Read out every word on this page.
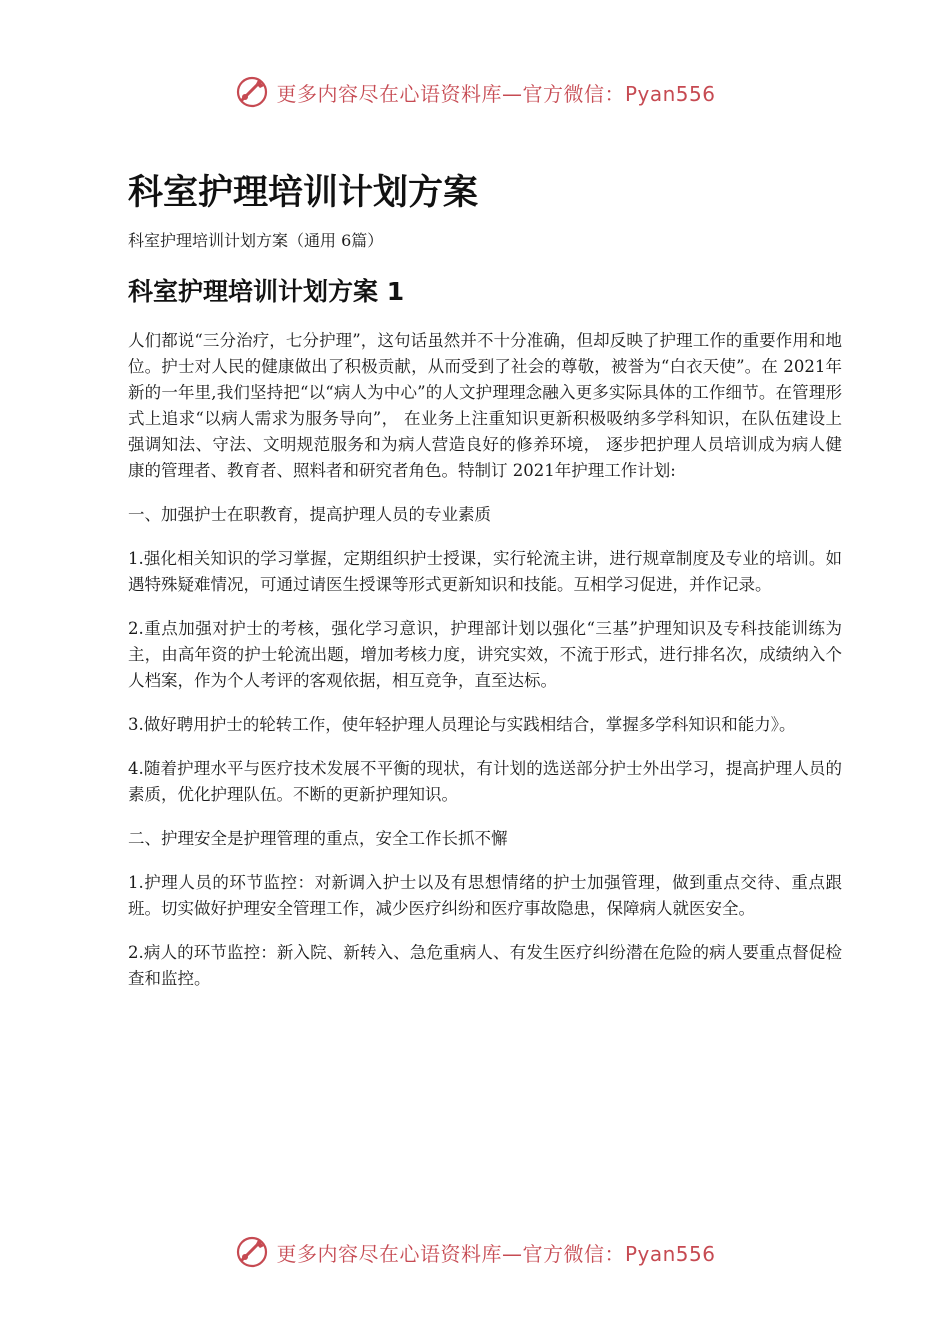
更多内容尽在心语资料库—官方微信：Pyan556
科室护理培训计划方案

科室护理培训计划方案（通用 6篇）

科室护理培训计划方案 1

人们都说“三分治疗，七分护理”，这句话虽然并不十分准确，但却反映了护理工作的重要作用和地位。护士对人民的健康做出了积极贡献，从而受到了社会的尊敬，被誉为“白衣天使”。在 2021年新的一年里,我们坚持把“以“病人为中心”的人文护理理念融入更多实际具体的工作细节。在管理形式上追求“以病人需求为服务导向”， 在业务上注重知识更新积极吸纳多学科知识，在队伍建设上强调知法、守法、文明规范服务和为病人营造良好的修养环境， 逐步把护理人员培训成为病人健康的管理者、教育者、照料者和研究者角色。特制订 2021年护理工作计划:

一、加强护士在职教育，提高护理人员的专业素质

1.强化相关知识的学习掌握，定期组织护士授课，实行轮流主讲，进行规章制度及专业的培训。如遇特殊疑难情况，可通过请医生授课等形式更新知识和技能。互相学习促进，并作记录。

2.重点加强对护士的考核，强化学习意识，护理部计划以强化“三基”护理知识及专科技能训练为主，由高年资的护士轮流出题，增加考核力度，讲究实效，不流于形式，进行排名次，成绩纳入个人档案，作为个人考评的客观依据，相互竞争，直至达标。

3.做好聘用护士的轮转工作，使年轻护理人员理论与实践相结合，掌握多学科知识和能力》。

4.随着护理水平与医疗技术发展不平衡的现状，有计划的选送部分护士外出学习，提高护理人员的素质，优化护理队伍。不断的更新护理知识。

二、护理安全是护理管理的重点，安全工作长抓不懈

1.护理人员的环节监控：对新调入护士以及有思想情绪的护士加强管理，做到重点交待、重点跟班。切实做好护理安全管理工作，减少医疗纠纷和医疗事故隐患，保障病人就医安全。

2.病人的环节监控：新入院、新转入、急危重病人、有发生医疗纠纷潜在危险的病人要重点督促检查和监控。

更多内容尽在心语资料库—官方微信：Pyan556
